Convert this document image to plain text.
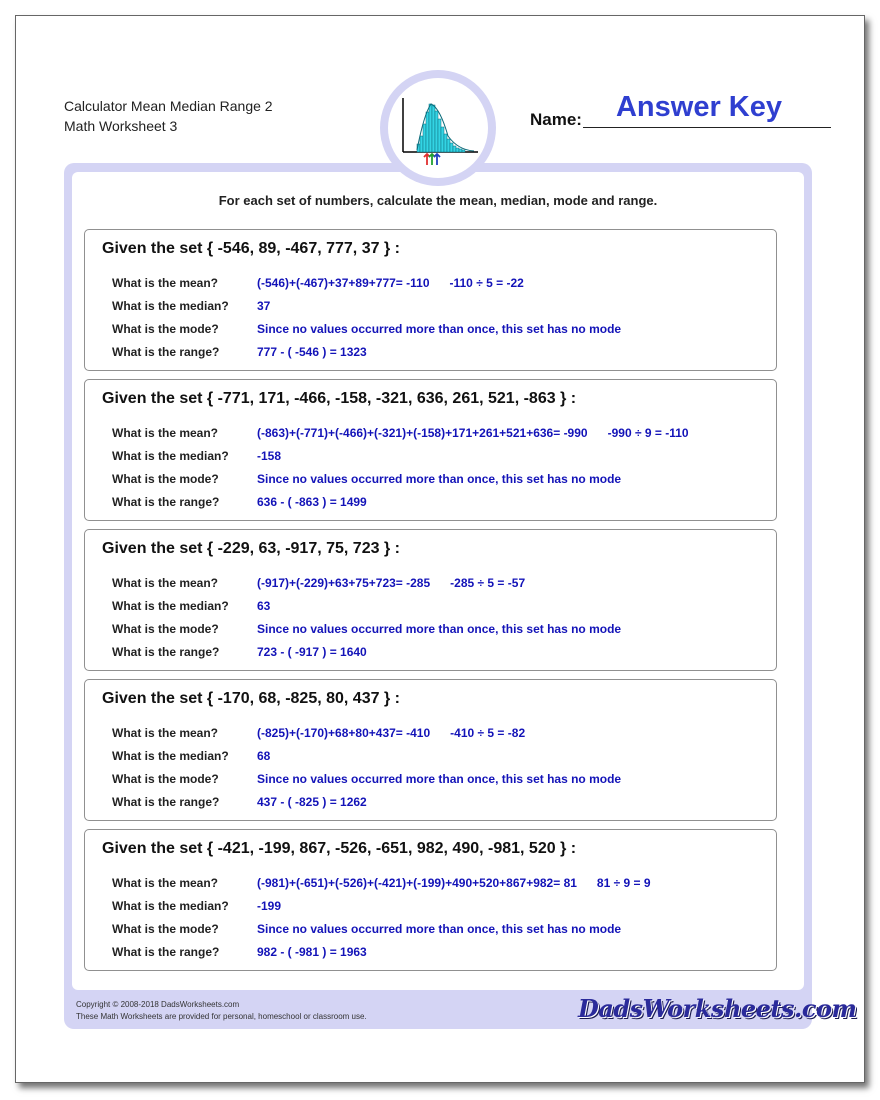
Calculator Mean Median Range 2
Math Worksheet 3
Answer Key
Name:
For each set of numbers, calculate the mean, median, mode and range.
Given the set { -546, 89, -467, 777, 37 } :
What is the mean?	(-546)+(-467)+37+89+777= -110 -110 ÷ 5 = -22
What is the median?	37
What is the mode?	Since no values occurred more than once, this set has no mode
What is the range?	777 - ( -546 ) = 1323
Given the set { -771, 171, -466, -158, -321, 636, 261, 521, -863 } :
What is the mean?	(-863)+(-771)+(-466)+(-321)+(-158)+171+261+521+636= -990 -990 ÷ 9 = -110
What is the median?	-158
What is the mode?	Since no values occurred more than once, this set has no mode
What is the range?	636 - ( -863 ) = 1499
Given the set { -229, 63, -917, 75, 723 } :
What is the mean?	(-917)+(-229)+63+75+723= -285 -285 ÷ 5 = -57
What is the median?	63
What is the mode?	Since no values occurred more than once, this set has no mode
What is the range?	723 - ( -917 ) = 1640
Given the set { -170, 68, -825, 80, 437 } :
What is the mean?	(-825)+(-170)+68+80+437= -410 -410 ÷ 5 = -82
What is the median?	68
What is the mode?	Since no values occurred more than once, this set has no mode
What is the range?	437 - ( -825 ) = 1262
Given the set { -421, -199, 867, -526, -651, 982, 490, -981, 520 } :
What is the mean?	(-981)+(-651)+(-526)+(-421)+(-199)+490+520+867+982= 81 81 ÷ 9 = 9
What is the median?	-199
What is the mode?	Since no values occurred more than once, this set has no mode
What is the range?	982 - ( -981 ) = 1963
Copyright © 2008-2018 DadsWorksheets.com
These Math Worksheets are provided for personal, homeschool or classroom use.	DadsWorksheets.com
